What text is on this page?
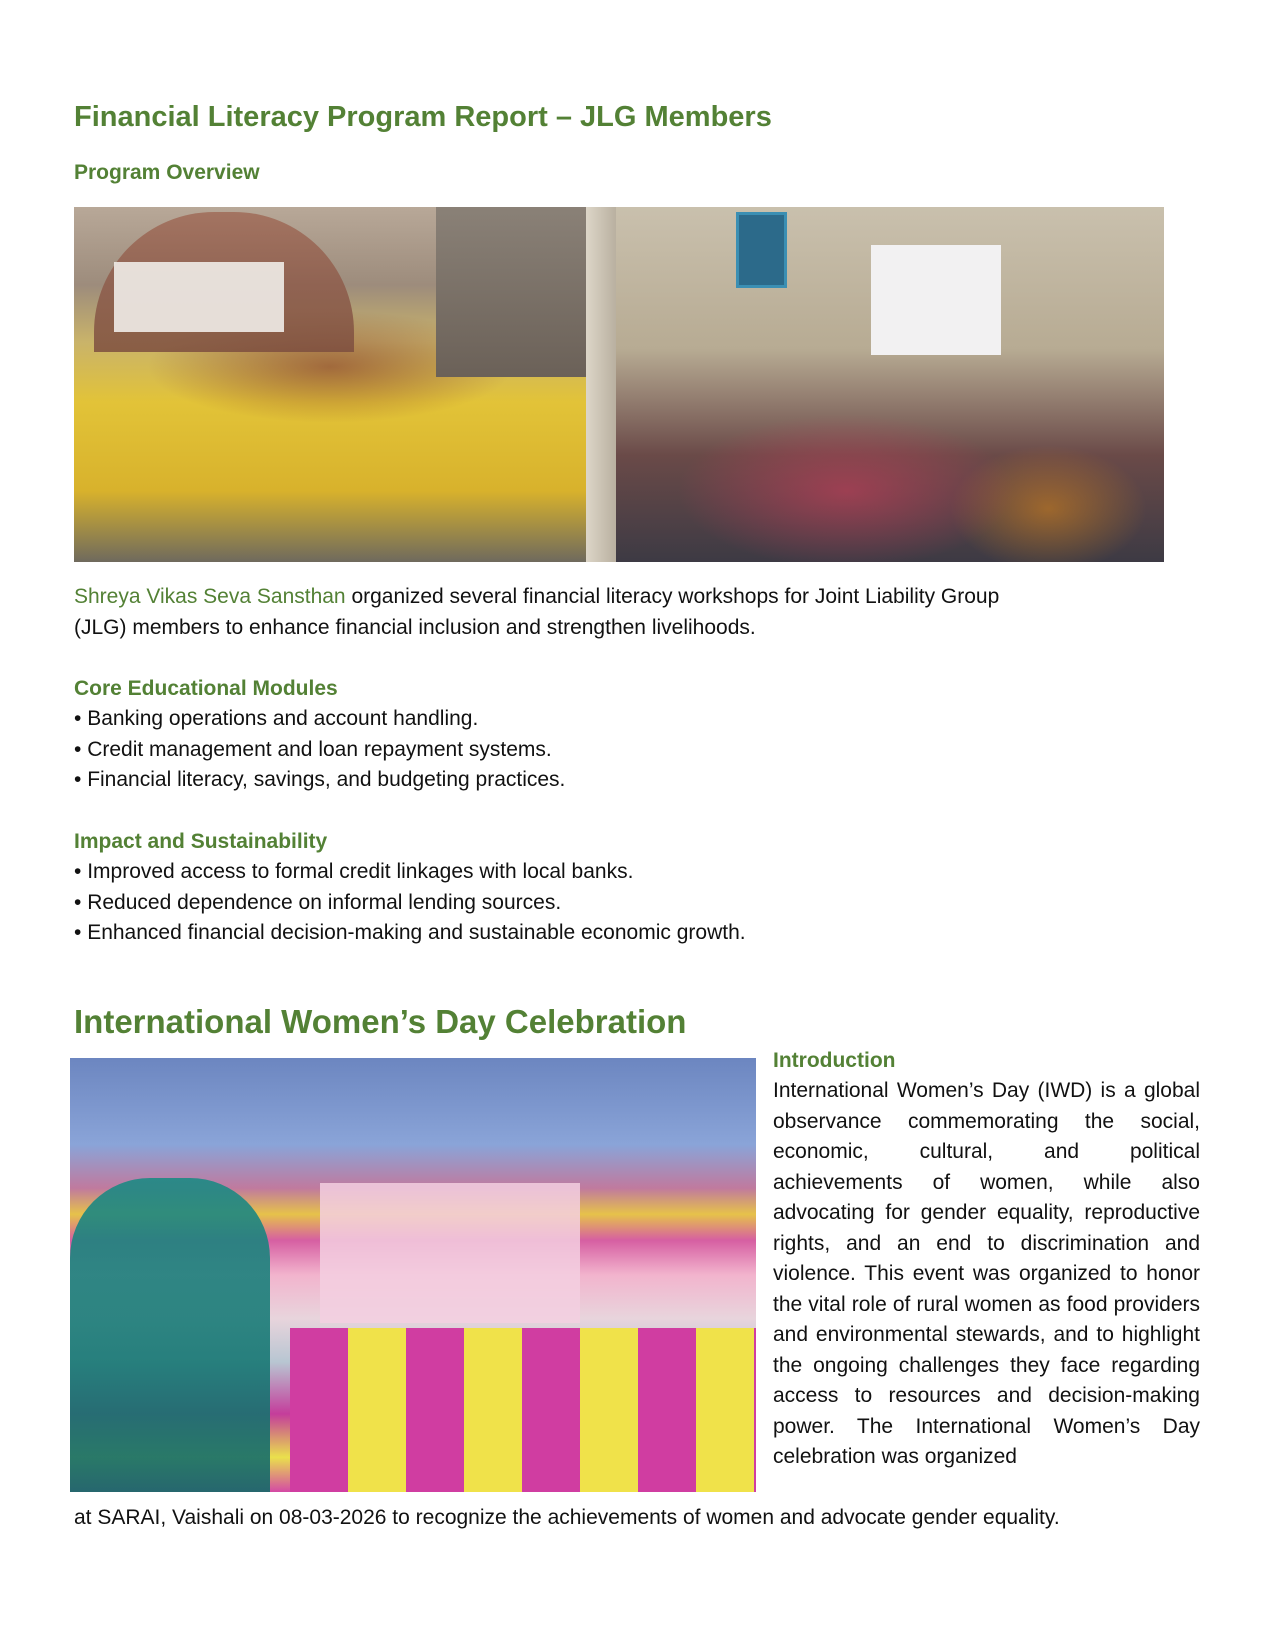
Financial Literacy Program Report – JLG Members
Program Overview
Shreya Vikas Seva Sansthan organized several financial literacy workshops for Joint Liability Group
(JLG) members to enhance financial inclusion and strengthen livelihoods.
Core Educational Modules
• Banking operations and account handling.
• Credit management and loan repayment systems.
• Financial literacy, savings, and budgeting practices.
Impact and Sustainability
• Improved access to formal credit linkages with local banks.
• Reduced dependence on informal lending sources.
• Enhanced financial decision-making and sustainable economic growth.
International Women’s Day Celebration
Introduction
International Women’s Day (IWD) is a global observance commemorating the social, economic, cultural, and political achievements of women, while also advocating for gender equality, reproductive rights, and an end to discrimination and violence. This event was organized to honor the vital role of rural women as food providers and environmental stewards, and to highlight the ongoing challenges they face regarding access to resources and decision-making power. The International Women’s Day celebration was organized
at SARAI, Vaishali on 08-03-2026 to recognize the achievements of women and advocate gender equality.
